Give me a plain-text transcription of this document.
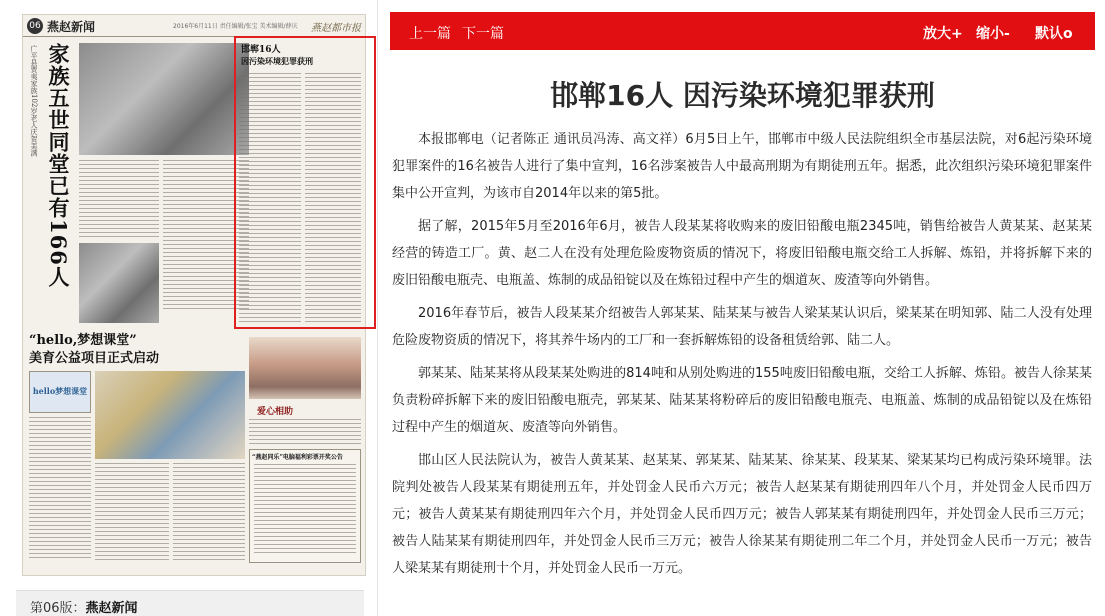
06 燕赵新闻	2016年6月11日 责任编辑/张宝 美术编辑/薛庆 燕赵都市报
广平县贾夷家族102岁老人庆贺美满 家族五世同堂已有166人	邯郸16人
因污染环境犯罪获刑
“hello,梦想课堂”
美育公益项目正式启动
hello梦想课堂
爱心相助
“燕赵同乐”电脑福利彩票开奖公告
第06版：燕赵新闻
上一篇 下一篇	放大+ 缩小- 默认o
邯郸16人 因污染环境犯罪获刑

本报邯郸电（记者陈正 通讯员冯涛、高文祥）6月5日上午，邯郸市中级人民法院组织全市基层法院，对6起污染环境犯罪案件的16名被告人进行了集中宣判，16名涉案被告人中最高刑期为有期徒刑五年。据悉，此次组织污染环境犯罪案件集中公开宣判，为该市自2014年以来的第5批。

据了解，2015年5月至2016年6月，被告人段某某将收购来的废旧铅酸电瓶2345吨，销售给被告人黄某某、赵某某经营的铸造工厂。黄、赵二人在没有处理危险废物资质的情况下，将废旧铅酸电瓶交给工人拆解、炼铅，并将拆解下来的废旧铅酸电瓶壳、电瓶盖、炼制的成品铅锭以及在炼铅过程中产生的烟道灰、废渣等向外销售。

2016年春节后，被告人段某某介绍被告人郭某某、陆某某与被告人梁某某认识后，梁某某在明知郭、陆二人没有处理危险废物资质的情况下，将其养牛场内的工厂和一套拆解炼铅的设备租赁给郭、陆二人。

郭某某、陆某某将从段某某处购进的814吨和从别处购进的155吨废旧铅酸电瓶，交给工人拆解、炼铅。被告人徐某某负责粉碎拆解下来的废旧铅酸电瓶壳，郭某某、陆某某将粉碎后的废旧铅酸电瓶壳、电瓶盖、炼制的成品铅锭以及在炼铅过程中产生的烟道灰、废渣等向外销售。

邯山区人民法院认为，被告人黄某某、赵某某、郭某某、陆某某、徐某某、段某某、梁某某均已构成污染环境罪。法院判处被告人段某某有期徒刑五年，并处罚金人民币六万元；被告人赵某某有期徒刑四年八个月，并处罚金人民币四万元；被告人黄某某有期徒刑四年六个月，并处罚金人民币四万元；被告人郭某某有期徒刑四年，并处罚金人民币三万元；被告人陆某某有期徒刑四年，并处罚金人民币三万元；被告人徐某某有期徒刑二年二个月，并处罚金人民币一万元；被告人梁某某有期徒刑十个月，并处罚金人民币一万元。
